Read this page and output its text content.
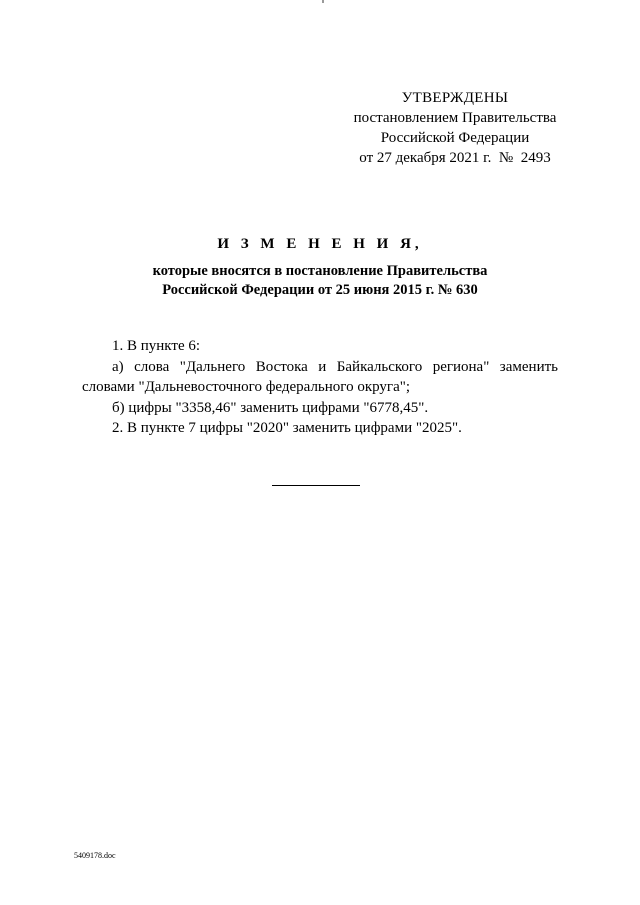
УТВЕРЖДЕНЫ
постановлением Правительства
Российской Федерации
от 27 декабря 2021 г.  №  2493
И З М Е Н Е Н И Я,
которые вносятся в постановление Правительства
Российской Федерации от 25 июня 2015 г. № 630

1. В пункте 6:

а) слова "Дальнего Востока и Байкальского региона" заменить словами "Дальневосточного федерального округа";

б) цифры "3358,46" заменить цифрами "6778,45".

2. В пункте 7 цифры "2020" заменить цифрами "2025".

5409178.doc
